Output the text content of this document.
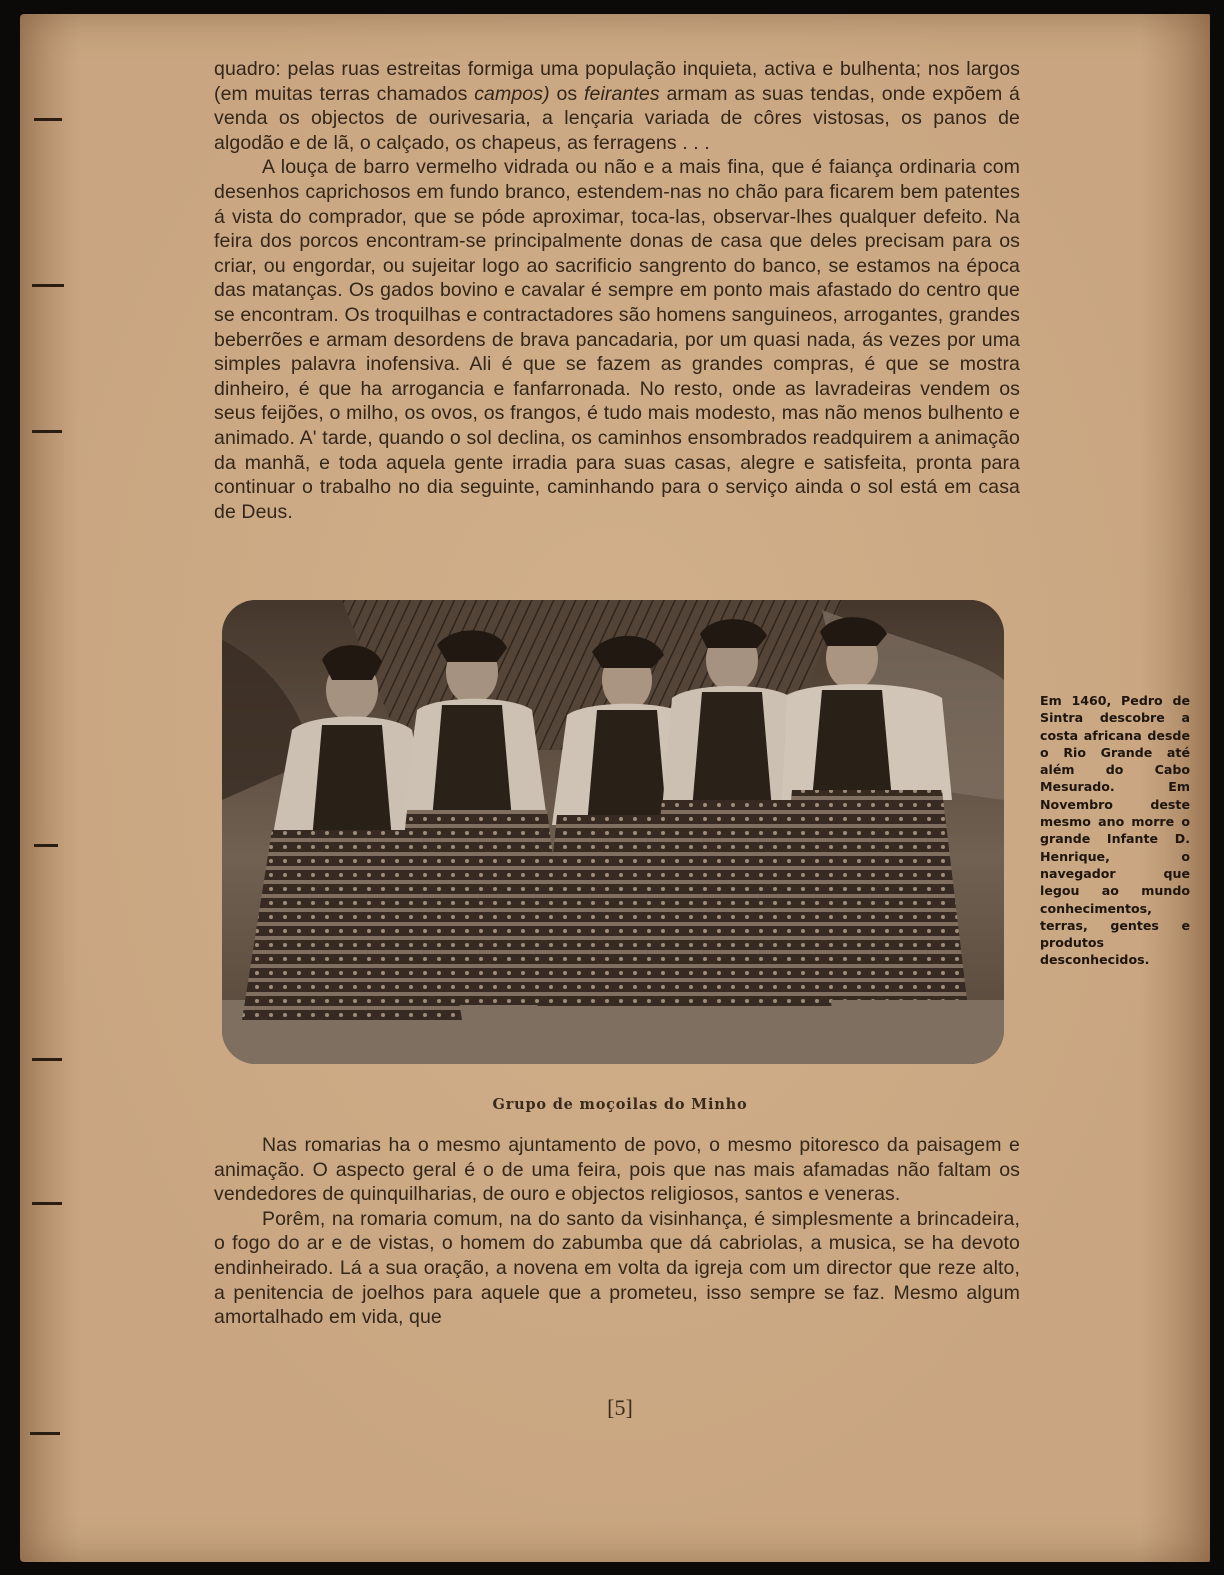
quadro: pelas ruas estreitas formiga uma população inquieta, activa e bulhenta; nos largos (em muitas terras chamados campos) os feirantes armam as suas tendas, onde expõem á venda os objectos de ourivesaria, a lençaria variada de côres vistosas, os panos de algodão e de lã, o calçado, os chapeus, as ferragens . . .

A louça de barro vermelho vidrada ou não e a mais fina, que é faiança ordinaria com desenhos caprichosos em fundo branco, estendem-nas no chão para ficarem bem patentes á vista do comprador, que se póde aproximar, toca-las, observar-lhes qualquer defeito. Na feira dos porcos encontram-se principalmente donas de casa que deles precisam para os criar, ou engordar, ou sujeitar logo ao sacrificio sangrento do banco, se estamos na época das matanças. Os gados bovino e cavalar é sempre em ponto mais afastado do centro que se encontram. Os troquilhas e contractadores são homens sanguineos, arrogantes, grandes beberrões e armam desordens de brava pancadaria, por um quasi nada, ás vezes por uma simples palavra inofensiva. Ali é que se fazem as grandes compras, é que se mostra dinheiro, é que ha arrogancia e fanfarronada. No resto, onde as lavradeiras vendem os seus feijões, o milho, os ovos, os frangos, é tudo mais modesto, mas não menos bulhento e animado. A' tarde, quando o sol declina, os caminhos ensombrados readquirem a animação da manhã, e toda aquela gente irradia para suas casas, alegre e satisfeita, pronta para continuar o trabalho no dia seguinte, caminhando para o serviço ainda o sol está em casa de Deus.

Grupo de moçoilas do Minho
Em 1460, Pedro de Sintra descobre a costa africana desde o Rio Grande até além do Cabo Mesurado. Em Novembro deste mesmo ano morre o grande Infante D. Henrique, o navegador que legou ao mundo conhecimentos, terras, gentes e produtos desconhecidos.

Nas romarias ha o mesmo ajuntamento de povo, o mesmo pitoresco da paisagem e animação. O aspecto geral é o de uma feira, pois que nas mais afamadas não faltam os vendedores de quinquilharias, de ouro e objectos religiosos, santos e veneras.

Porêm, na romaria comum, na do santo da visinhança, é simplesmente a brincadeira, o fogo do ar e de vistas, o homem do zabumba que dá cabriolas, a musica, se ha devoto endinheirado. Lá a sua oração, a novena em volta da igreja com um director que reze alto, a penitencia de joelhos para aquele que a prometeu, isso sempre se faz. Mesmo algum amortalhado em vida, que

[5]
